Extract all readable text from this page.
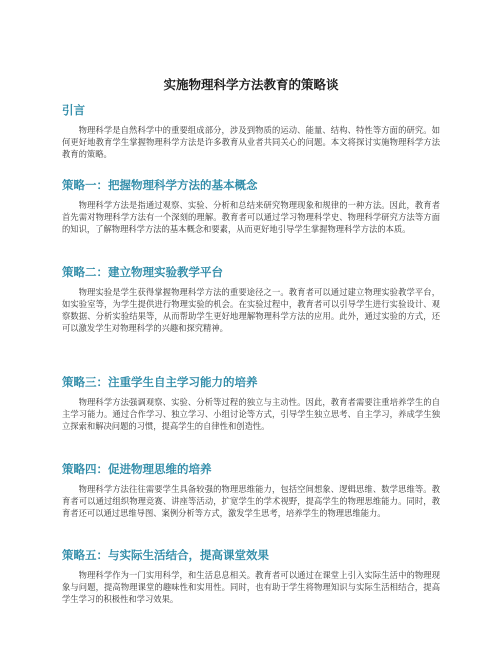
实施物理科学方法教育的策略谈
引言

物理科学是自然科学中的重要组成部分，涉及到物质的运动、能量、结构、特性等方面的研究。如何更好地教育学生掌握物理科学方法是许多教育从业者共同关心的问题。本文将探讨实施物理科学方法教育的策略。

策略一：把握物理科学方法的基本概念

物理科学方法是指通过观察、实验、分析和总结来研究物理现象和规律的一种方法。因此，教育者首先需对物理科学方法有一个深刻的理解。教育者可以通过学习物理科学史、物理科学研究方法等方面的知识，了解物理科学方法的基本概念和要素，从而更好地引导学生掌握物理科学方法的本质。

策略二：建立物理实验教学平台

物理实验是学生获得掌握物理科学方法的重要途径之一。教育者可以通过建立物理实验教学平台，如实验室等，为学生提供进行物理实验的机会。在实验过程中，教育者可以引导学生进行实验设计、观察数据、分析实验结果等，从而帮助学生更好地理解物理科学方法的应用。此外，通过实验的方式，还可以激发学生对物理科学的兴趣和探究精神。

策略三：注重学生自主学习能力的培养

物理科学方法强调观察、实验、分析等过程的独立与主动性。因此，教育者需要注重培养学生的自主学习能力。通过合作学习、独立学习、小组讨论等方式，引导学生独立思考、自主学习，养成学生独立探索和解决问题的习惯，提高学生的自律性和创造性。

策略四：促进物理思维的培养

物理科学方法往往需要学生具备较强的物理思维能力，包括空间想象、逻辑思维、数学思维等。教育者可以通过组织物理竞赛、讲座等活动，扩宽学生的学术视野，提高学生的物理思维能力。同时，教育者还可以通过思维导图、案例分析等方式，激发学生思考，培养学生的物理思维能力。

策略五：与实际生活结合，提高课堂效果

物理科学作为一门实用科学，和生活息息相关。教育者可以通过在课堂上引入实际生活中的物理现象与问题，提高物理课堂的趣味性和实用性。同时，也有助于学生将物理知识与实际生活相结合，提高学生学习的积极性和学习效果。
